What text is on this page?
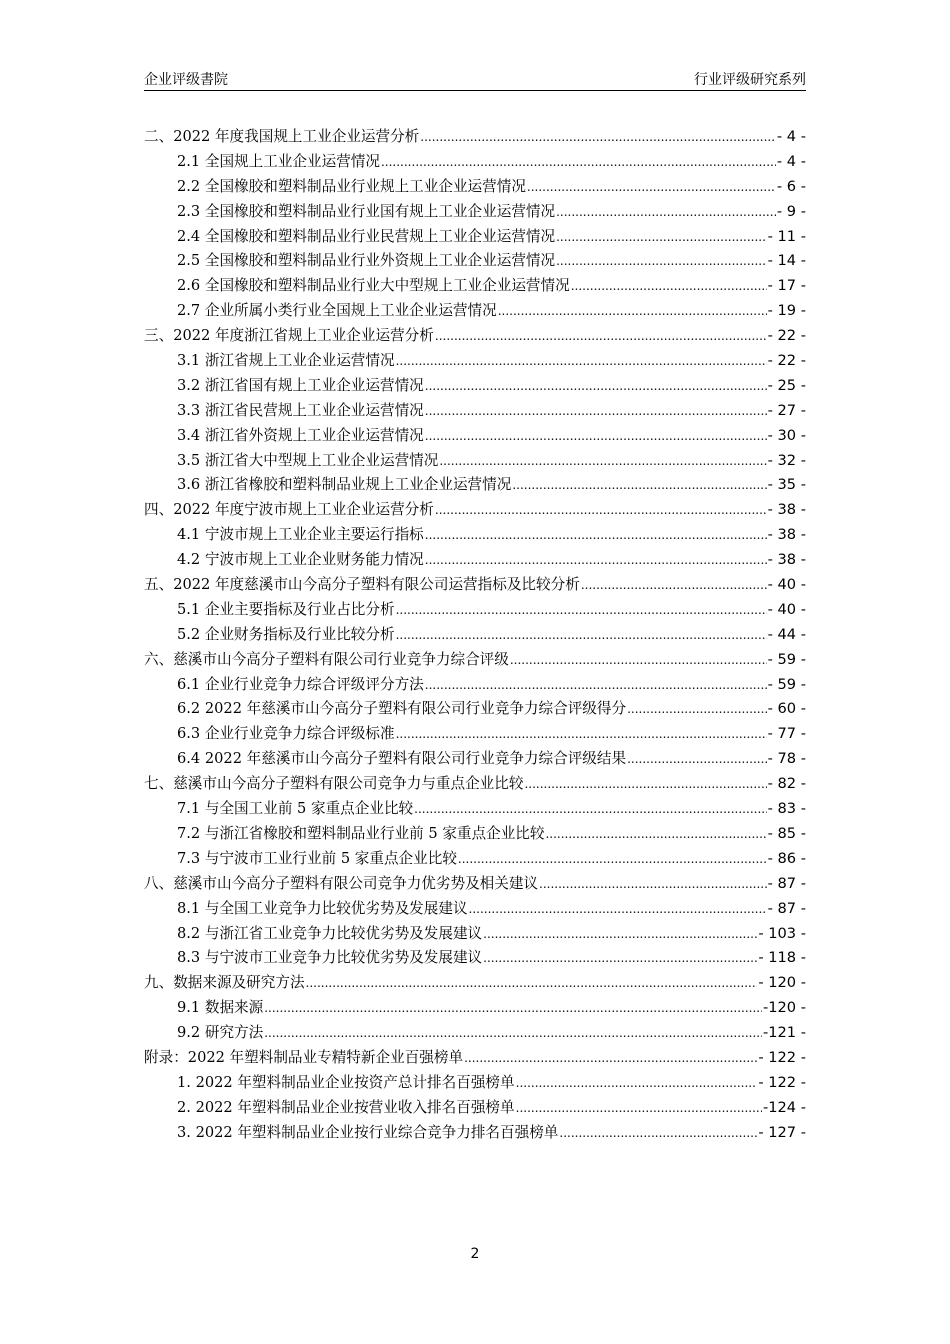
企业评级書院	行业评级研究系列
二、2022 年度我国规上工业企业运营分析 .....	- 4 -
2.1 全国规上工业企业运营情况 .....	- 4 -
2.2 全国橡胶和塑料制品业行业规上工业企业运营情况 .....	- 6 -
2.3 全国橡胶和塑料制品业行业国有规上工业企业运营情况 .....	- 9 -
2.4 全国橡胶和塑料制品业行业民营规上工业企业运营情况 .....	- 11 -
2.5 全国橡胶和塑料制品业行业外资规上工业企业运营情况 .....	- 14 -
2.6 全国橡胶和塑料制品业行业大中型规上工业企业运营情况 .....	- 17 -
2.7 企业所属小类行业全国规上工业企业运营情况 .....	- 19 -
三、2022 年度浙江省规上工业企业运营分析 .....	- 22 -
3.1 浙江省规上工业企业运营情况 .....	- 22 -
3.2 浙江省国有规上工业企业运营情况 .....	- 25 -
3.3 浙江省民营规上工业企业运营情况 .....	- 27 -
3.4 浙江省外资规上工业企业运营情况 .....	- 30 -
3.5 浙江省大中型规上工业企业运营情况 .....	- 32 -
3.6 浙江省橡胶和塑料制品业规上工业企业运营情况 .....	- 35 -
四、2022 年度宁波市规上工业企业运营分析 .....	- 38 -
4.1 宁波市规上工业企业主要运行指标 .....	- 38 -
4.2 宁波市规上工业企业财务能力情况 .....	- 38 -
五、2022 年度慈溪市山今高分子塑料有限公司运营指标及比较分析 .....	- 40 -
5.1 企业主要指标及行业占比分析 .....	- 40 -
5.2 企业财务指标及行业比较分析 .....	- 44 -
六、慈溪市山今高分子塑料有限公司行业竞争力综合评级 .....	- 59 -
6.1 企业行业竞争力综合评级评分方法 .....	- 59 -
6.2 2022 年慈溪市山今高分子塑料有限公司行业竞争力综合评级得分 .....	- 60 -
6.3 企业行业竞争力综合评级标准 .....	- 77 -
6.4 2022 年慈溪市山今高分子塑料有限公司行业竞争力综合评级结果 .....	- 78 -
七、慈溪市山今高分子塑料有限公司竞争力与重点企业比较 .....	- 82 -
7.1 与全国工业前 5 家重点企业比较 .....	- 83 -
7.2 与浙江省橡胶和塑料制品业行业前 5 家重点企业比较 .....	- 85 -
7.3 与宁波市工业行业前 5 家重点企业比较 .....	- 86 -
八、慈溪市山今高分子塑料有限公司竞争力优劣势及相关建议 .....	- 87 -
8.1 与全国工业竞争力比较优劣势及发展建议 .....	- 87 -
8.2 与浙江省工业竞争力比较优劣势及发展建议 .....	- 103 -
8.3 与宁波市工业竞争力比较优劣势及发展建议 .....	- 118 -
九、数据来源及研究方法 .....	- 120 -
9.1 数据来源 .....	-120 -
9.2 研究方法 .....	-121 -
附录：2022 年塑料制品业专精特新企业百强榜单 .....	- 122 -
1. 2022 年塑料制品业企业按资产总计排名百强榜单 .....	- 122 -
2. 2022 年塑料制品业企业按营业收入排名百强榜单 .....	-124 -
3. 2022 年塑料制品业企业按行业综合竞争力排名百强榜单 .....	- 127 -
2
